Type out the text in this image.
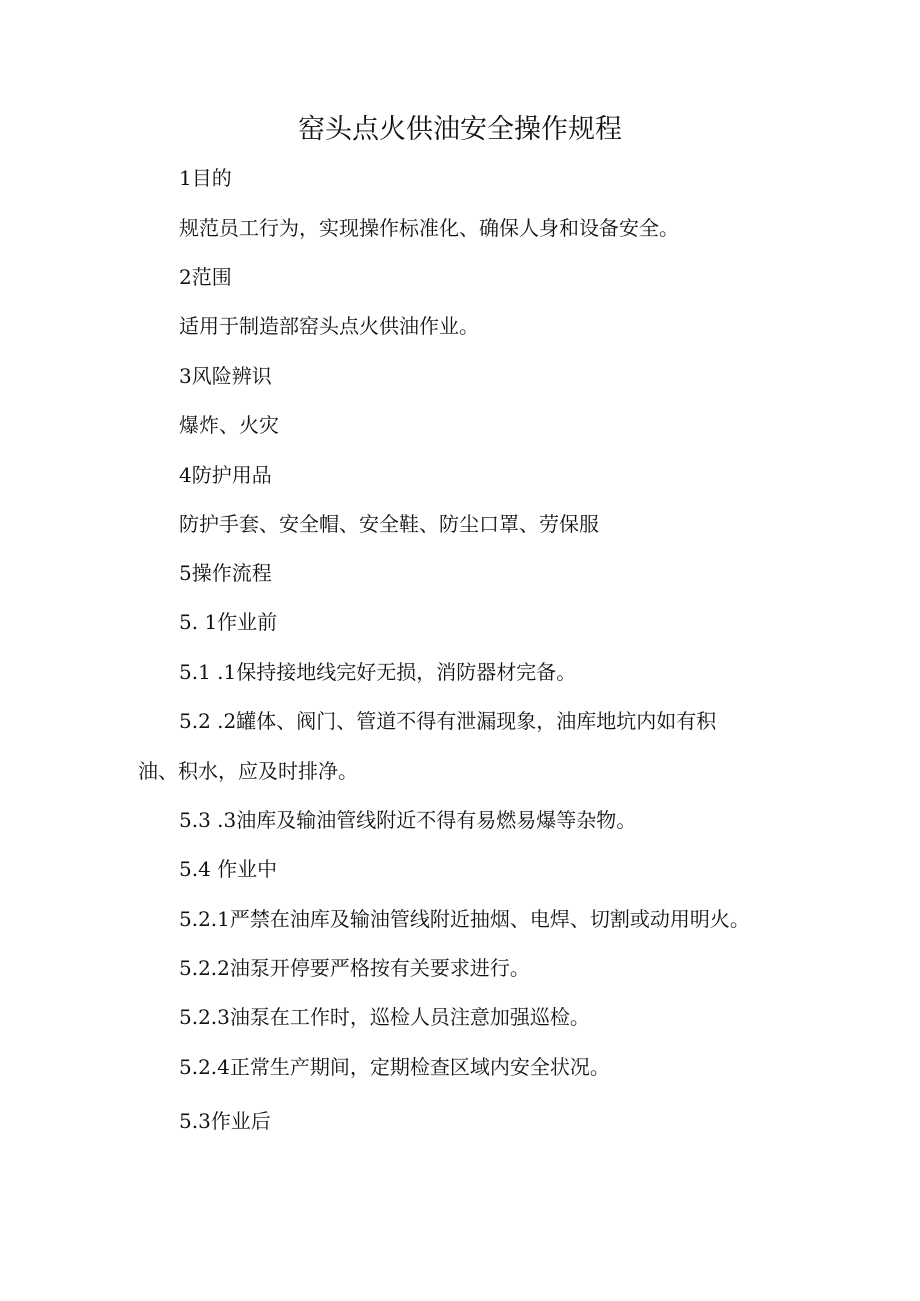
窑头点火供油安全操作规程
1目的
规范员工行为，实现操作标准化、确保人身和设备安全。
2范围
适用于制造部窑头点火供油作业。
3风险辨识
爆炸、火灾
4防护用品
防护手套、安全帽、安全鞋、防尘口罩、劳保服
5操作流程
5. 1作业前
5.1 .1保持接地线完好无损，消防器材完备。
5.2 .2罐体、阀门、管道不得有泄漏现象，油库地坑内如有积
油、积水，应及时排净。
5.3 .3油库及输油管线附近不得有易燃易爆等杂物。
5.4 作业中
5.2.1严禁在油库及输油管线附近抽烟、电焊、切割或动用明火。
5.2.2油泵开停要严格按有关要求进行。
5.2.3油泵在工作时，巡检人员注意加强巡检。
5.2.4正常生产期间，定期检查区域内安全状况。
5.3作业后
